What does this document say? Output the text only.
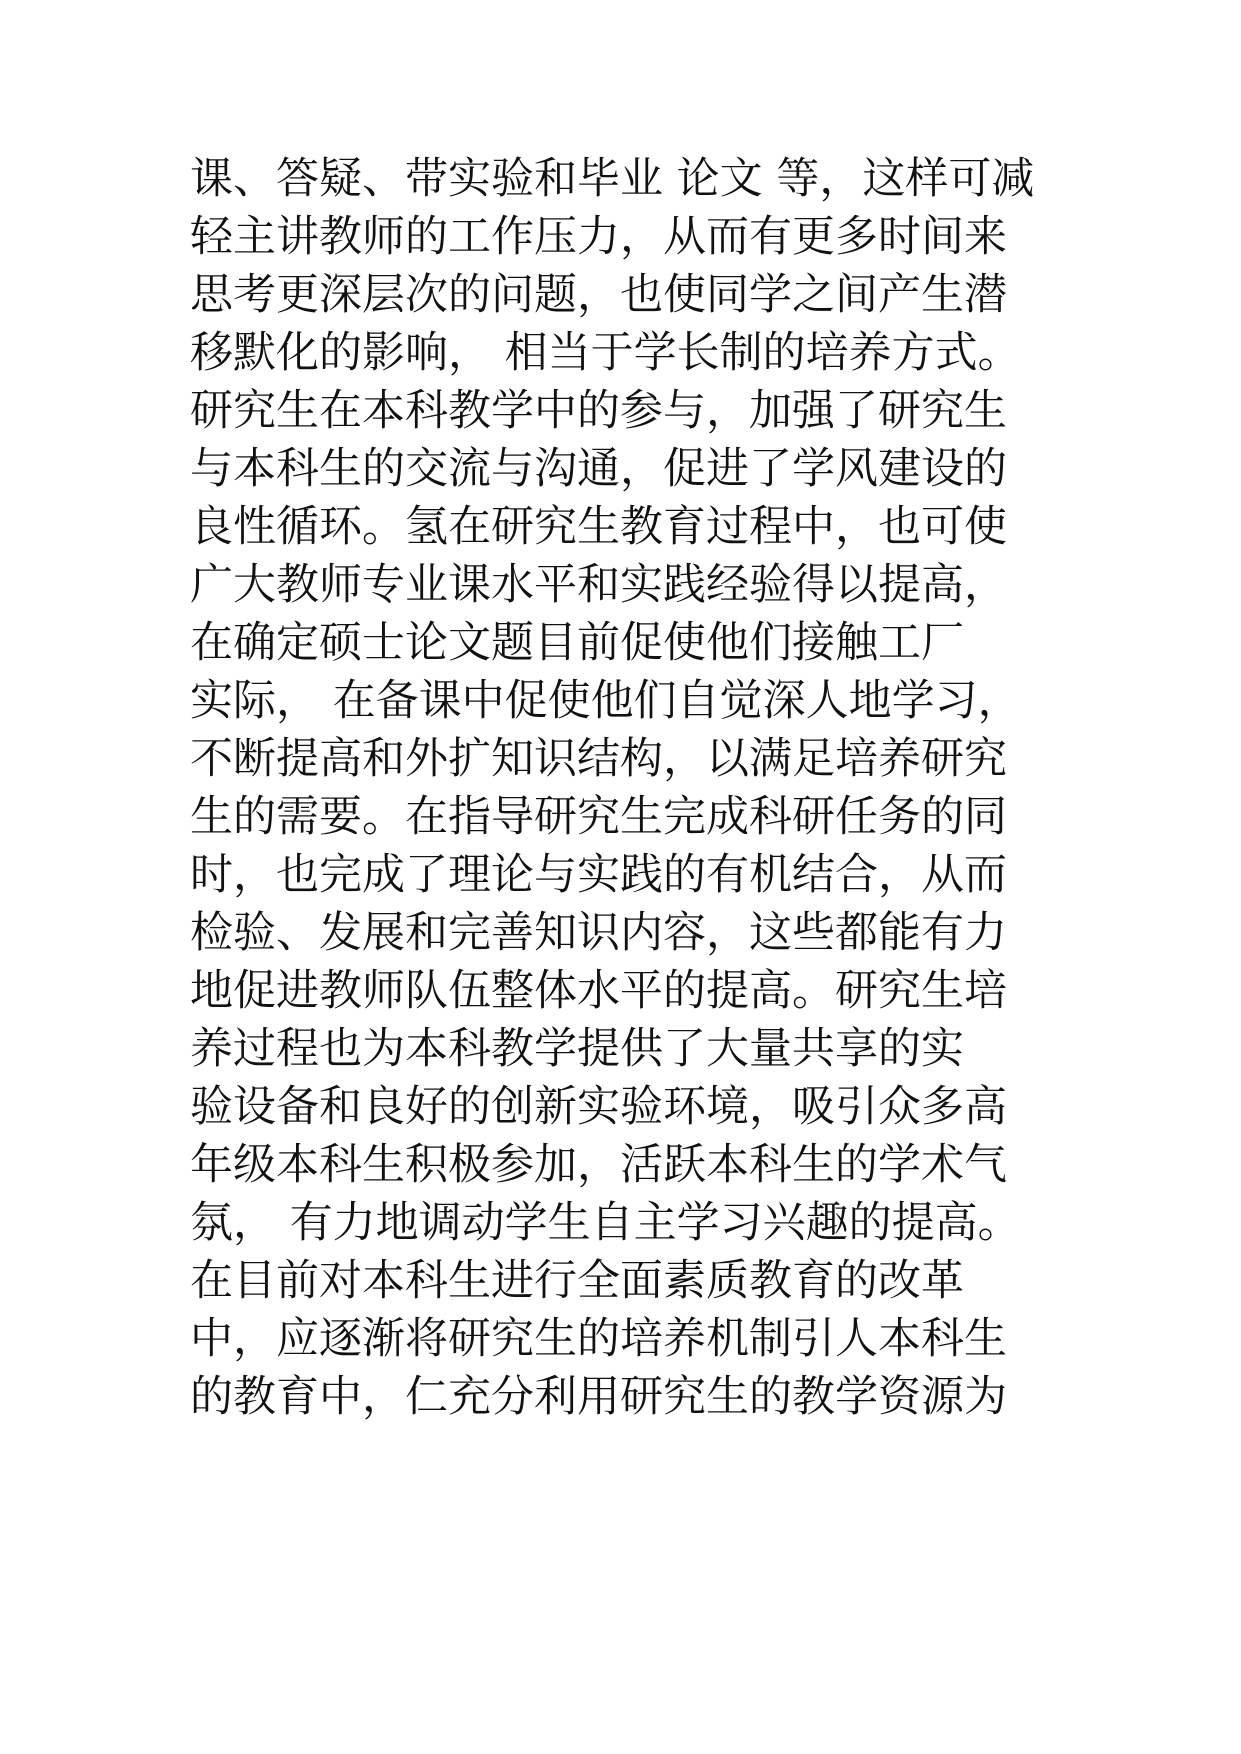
课、答疑、带实验和毕业 论文 等，这样可减
轻主讲教师的工作压力，从而有更多时间来
思考更深层次的问题，也使同学之间产生潜
移默化的影响， 相当于学长制的培养方式。
研究生在本科教学中的参与，加强了研究生
与本科生的交流与沟通，促进了学风建设的
良性循环。氢在研究生教育过程中，也可使
广大教师专业课水平和实践经验得以提高，
在确定硕士论文题目前促使他们接触工厂
实际， 在备课中促使他们自觉深人地学习，
不断提高和外扩知识结构，以满足培养研究
生的需要。在指导研究生完成科研任务的同
时，也完成了理论与实践的有机结合，从而
检验、发展和完善知识内容，这些都能有力
地促进教师队伍整体水平的提高。研究生培
养过程也为本科教学提供了大量共享的实
验设备和良好的创新实验环境，吸引众多高
年级本科生积极参加，活跃本科生的学术气
氛， 有力地调动学生自主学习兴趣的提高。
在目前对本科生进行全面素质教育的改革
中，应逐渐将研究生的培养机制引人本科生
的教育中，仁充分利用研究生的教学资源为
